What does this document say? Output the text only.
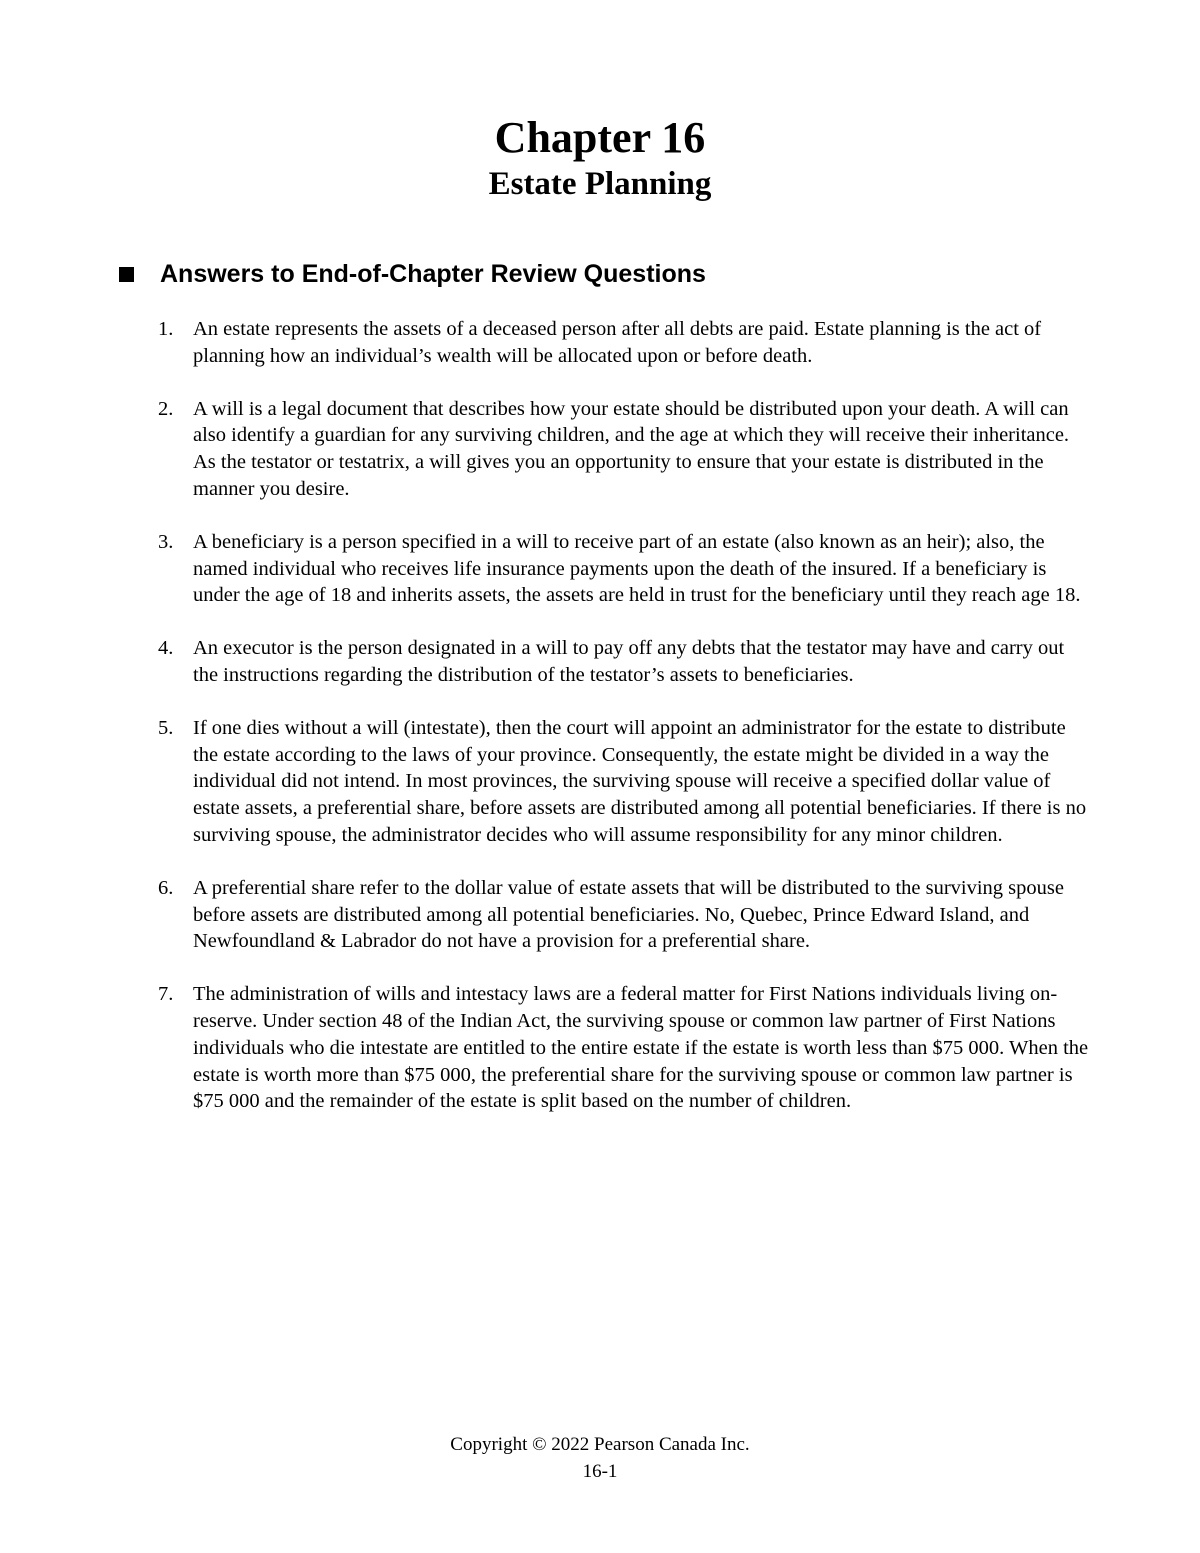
Chapter 16
Estate Planning
Answers to End-of-Chapter Review Questions
1. An estate represents the assets of a deceased person after all debts are paid. Estate planning is the act of planning how an individual’s wealth will be allocated upon or before death.
2. A will is a legal document that describes how your estate should be distributed upon your death. A will can also identify a guardian for any surviving children, and the age at which they will receive their inheritance. As the testator or testatrix, a will gives you an opportunity to ensure that your estate is distributed in the manner you desire.
3. A beneficiary is a person specified in a will to receive part of an estate (also known as an heir); also, the named individual who receives life insurance payments upon the death of the insured. If a beneficiary is under the age of 18 and inherits assets, the assets are held in trust for the beneficiary until they reach age 18.
4. An executor is the person designated in a will to pay off any debts that the testator may have and carry out the instructions regarding the distribution of the testator’s assets to beneficiaries.
5. If one dies without a will (intestate), then the court will appoint an administrator for the estate to distribute the estate according to the laws of your province. Consequently, the estate might be divided in a way the individual did not intend. In most provinces, the surviving spouse will receive a specified dollar value of estate assets, a preferential share, before assets are distributed among all potential beneficiaries. If there is no surviving spouse, the administrator decides who will assume responsibility for any minor children.
6. A preferential share refer to the dollar value of estate assets that will be distributed to the surviving spouse before assets are distributed among all potential beneficiaries. No, Quebec, Prince Edward Island, and Newfoundland & Labrador do not have a provision for a preferential share.
7. The administration of wills and intestacy laws are a federal matter for First Nations individuals living on-reserve. Under section 48 of the Indian Act, the surviving spouse or common law partner of First Nations individuals who die intestate are entitled to the entire estate if the estate is worth less than $75 000. When the estate is worth more than $75 000, the preferential share for the surviving spouse or common law partner is $75 000 and the remainder of the estate is split based on the number of children.
Copyright © 2022 Pearson Canada Inc.
16-1
